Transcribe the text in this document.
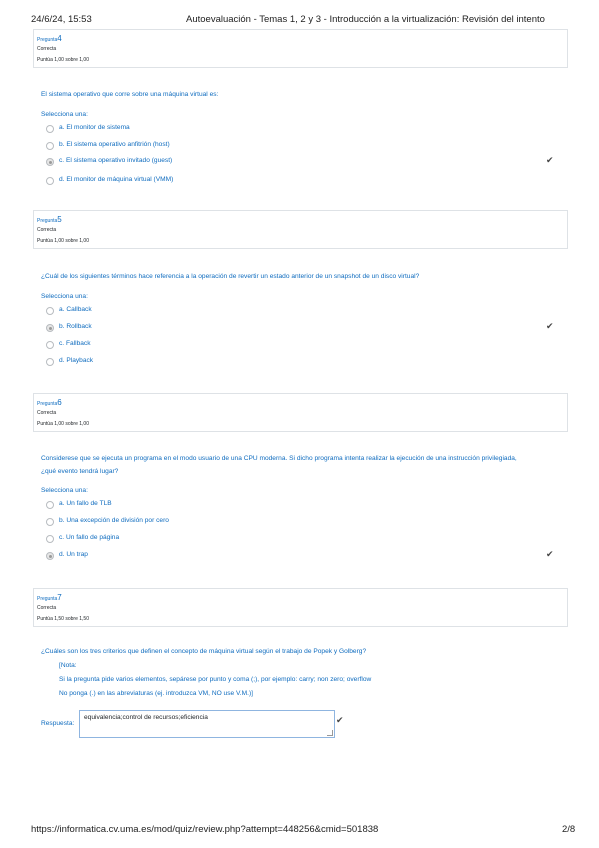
24/6/24, 15:53	Autoevaluación - Temas 1, 2 y 3 - Introducción a la virtualización: Revisión del intento
Pregunta4
Correcta
Puntúa 1,00 sobre 1,00
El sistema operativo que corre sobre una máquina virtual es:
Selecciona una:
a. El monitor de sistema
b. El sistema operativo anfitrión (host)
c. El sistema operativo invitado (guest)	✔
d. El monitor de máquina virtual (VMM)
Pregunta5
Correcta
Puntúa 1,00 sobre 1,00
¿Cuál de los siguientes términos hace referencia a la operación de revertir un estado anterior de un snapshot de un disco virtual?
Selecciona una:
a. Callback
b. Rollback	✔
c. Fallback
d. Playback
Pregunta6
Correcta
Puntúa 1,00 sobre 1,00
Considerese que se ejecuta un programa en el modo usuario de una CPU moderna. Si dicho programa intenta realizar la ejecución de una instrucción privilegiada,
¿qué evento tendrá lugar?
Selecciona una:
a. Un fallo de TLB
b. Una excepción de división por cero
c. Un fallo de página
d. Un trap	✔
Pregunta7
Correcta
Puntúa 1,50 sobre 1,50
¿Cuáles son los tres criterios que definen el concepto de máquina virtual según el trabajo de Popek y Golberg?
[Nota:
Si la pregunta pide varios elementos, sepárese por punto y coma (;), por ejemplo: carry; non zero; overflow
No ponga (.) en las abreviaturas (ej. introduzca VM, NO use V.M.)]
Respuesta:
equivalencia;control de recursos;eficiencia	✔
https://informatica.cv.uma.es/mod/quiz/review.php?attempt=448256&cmid=501838	2/8
